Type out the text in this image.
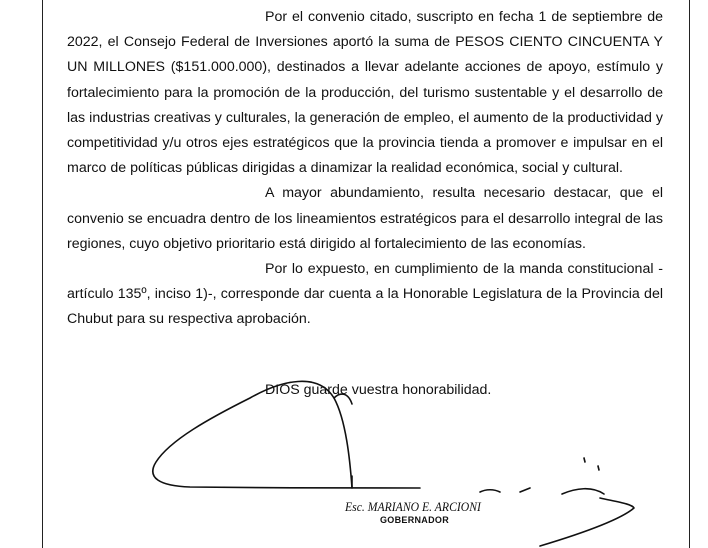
Por el convenio citado, suscripto en fecha 1 de septiembre de 2022, el Consejo Federal de Inversiones aportó la suma de PESOS CIENTO CINCUENTA Y UN MILLONES ($151.000.000), destinados a llevar adelante acciones de apoyo, estímulo y fortalecimiento para la promoción de la producción, del turismo sustentable y el desarrollo de las industrias creativas y culturales, la generación de empleo, el aumento de la productividad y competitividad y/u otros ejes estratégicos que la provincia tienda a promover e impulsar en el marco de políticas públicas dirigidas a dinamizar la realidad económica, social y cultural.

A mayor abundamiento, resulta necesario destacar, que el convenio se encuadra dentro de los lineamientos estratégicos para el desarrollo integral de las regiones, cuyo objetivo prioritario está dirigido al fortalecimiento de las economías.

Por lo expuesto, en cumplimiento de la manda constitucional -artículo 135º, inciso 1)-, corresponde dar cuenta a la Honorable Legislatura de la Provincia del Chubut para su respectiva aprobación.

DIOS guarde vuestra honorabilidad.
Esc. MARIANO E. ARCIONI
GOBERNADOR
